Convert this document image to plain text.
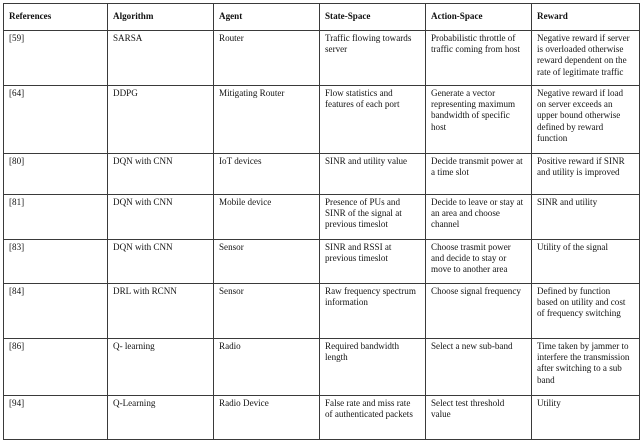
References	Algorithm	Agent	State-Space	Action-Space	Reward
[59]	SARSA	Router	Traffic flowing towards server	Probabilistic throttle of traffic coming from host	Negative reward if server is overloaded otherwise reward dependent on the rate of legitimate traffic
[64]	DDPG	Mitigating Router	Flow statistics and features of each port	Generate a vector representing maximum bandwidth of specific host	Negative reward if load on server exceeds an upper bound otherwise defined by reward function
[80]	DQN with CNN	IoT devices	SINR and utility value	Decide transmit power at a time slot	Positive reward if SINR and utility is improved
[81]	DQN with CNN	Mobile device	Presence of PUs and SINR of the signal at previous timeslot	Decide to leave or stay at an area and choose channel	SINR and utility
[83]	DQN with CNN	Sensor	SINR and RSSI at previous timeslot	Choose trasmit power and decide to stay or move to another area	Utility of the signal
[84]	DRL with RCNN	Sensor	Raw frequency spectrum information	Choose signal frequency	Defined by function based on utility and cost of frequency switching
[86]	Q- learning	Radio	Required bandwidth length	Select a new sub-band	Time taken by jammer to interfere the transmission after switching to a sub band
[94]	Q-Learning	Radio Device	False rate and miss rate of authenticated packets	Select test threshold value	Utility
